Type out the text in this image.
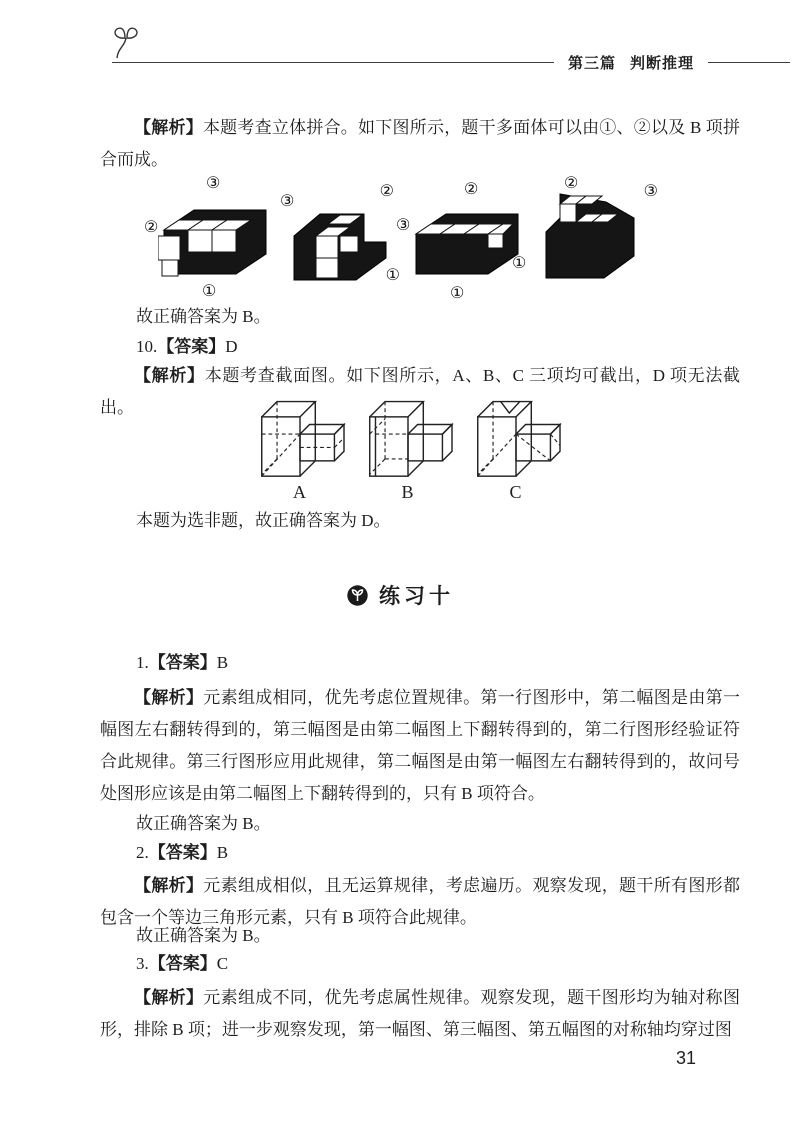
第三篇 判断推理
【解析】本题考查立体拼合。如下图所示，题干多面体可以由①、②以及 B 项拼合而成。
③
②
①
③
②
①
②
③
①
②	③
①
故正确答案为 B。
10.【答案】D
【解析】本题考查截面图。如下图所示，A、B、C 三项均可截出，D 项无法截出。
A	B	C
本题为选非题，故正确答案为 D。
练习十
1.【答案】B
【解析】元素组成相同，优先考虑位置规律。第一行图形中，第二幅图是由第一幅图左右翻转得到的，第三幅图是由第二幅图上下翻转得到的，第二行图形经验证符合此规律。第三行图形应用此规律，第二幅图是由第一幅图左右翻转得到的，故问号处图形应该是由第二幅图上下翻转得到的，只有 B 项符合。
故正确答案为 B。
2.【答案】B
【解析】元素组成相似，且无运算规律，考虑遍历。观察发现，题干所有图形都包含一个等边三角形元素，只有 B 项符合此规律。
故正确答案为 B。
3.【答案】C
【解析】元素组成不同，优先考虑属性规律。观察发现，题干图形均为轴对称图形，排除 B 项；进一步观察发现，第一幅图、第三幅图、第五幅图的对称轴均穿过图
31
